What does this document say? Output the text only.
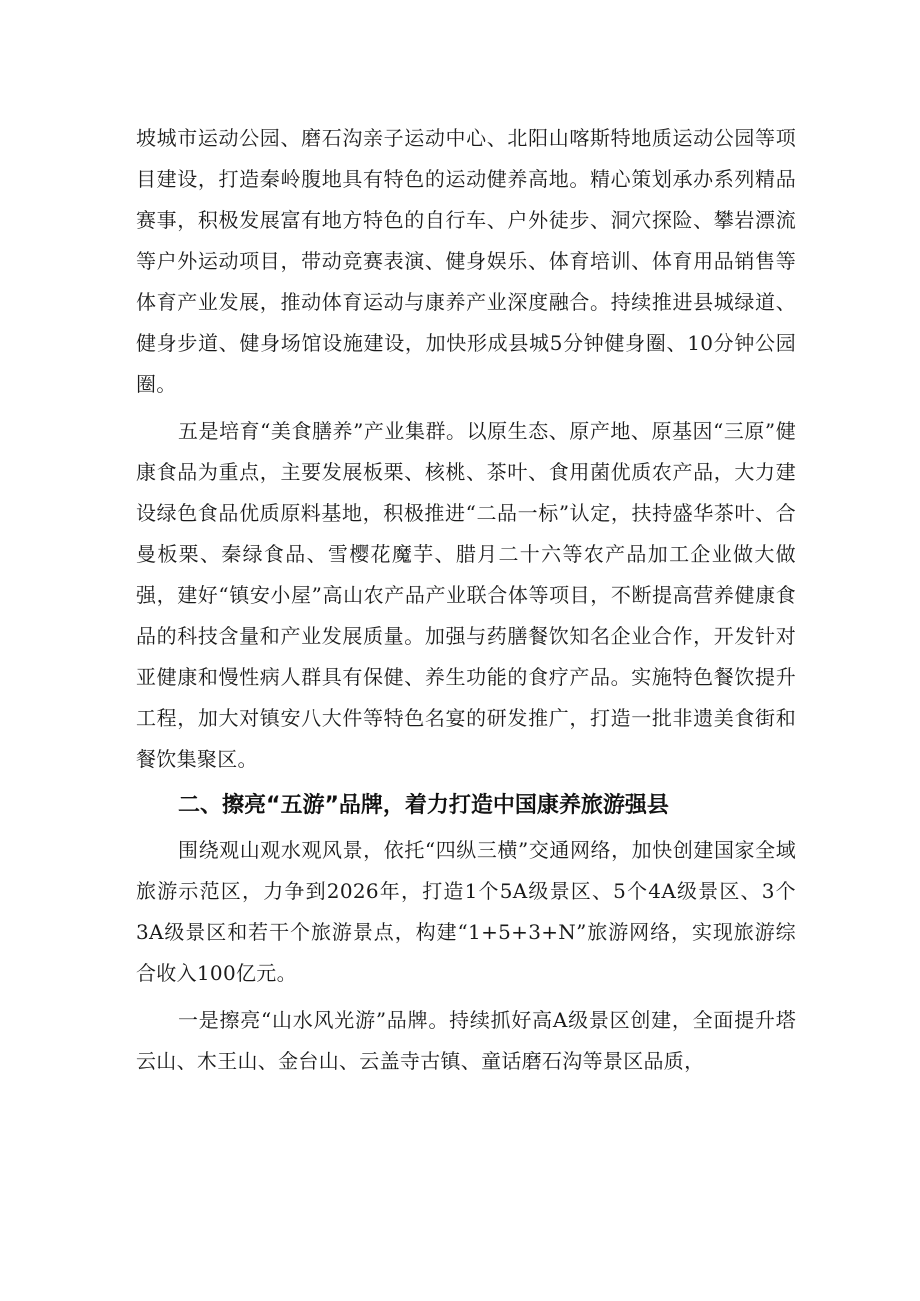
坡城市运动公园、磨石沟亲子运动中心、北阳山喀斯特地质运动公园等项目建设，打造秦岭腹地具有特色的运动健养高地。精心策划承办系列精品赛事，积极发展富有地方特色的自行车、户外徒步、洞穴探险、攀岩漂流等户外运动项目，带动竞赛表演、健身娱乐、体育培训、体育用品销售等体育产业发展，推动体育运动与康养产业深度融合。持续推进县城绿道、健身步道、健身场馆设施建设，加快形成县城5分钟健身圈、10分钟公园圈。

五是培育“美食膳养”产业集群。以原生态、原产地、原基因“三原”健康食品为重点，主要发展板栗、核桃、茶叶、食用菌优质农产品，大力建设绿色食品优质原料基地，积极推进“二品一标”认定，扶持盛华茶叶、合曼板栗、秦绿食品、雪樱花魔芋、腊月二十六等农产品加工企业做大做强，建好“镇安小屋”高山农产品产业联合体等项目，不断提高营养健康食品的科技含量和产业发展质量。加强与药膳餐饮知名企业合作，开发针对亚健康和慢性病人群具有保健、养生功能的食疗产品。实施特色餐饮提升工程，加大对镇安八大件等特色名宴的研发推广，打造一批非遗美食街和餐饮集聚区。

二、擦亮“五游”品牌，着力打造中国康养旅游强县

围绕观山观水观风景，依托“四纵三横”交通网络，加快创建国家全域旅游示范区，力争到2026年，打造1个5A级景区、5个4A级景区、3个3A级景区和若干个旅游景点，构建“1+5+3+N”旅游网络，实现旅游综合收入100亿元。

一是擦亮“山水风光游”品牌。持续抓好高A级景区创建，全面提升塔云山、木王山、金台山、云盖寺古镇、童话磨石沟等景区品质，
